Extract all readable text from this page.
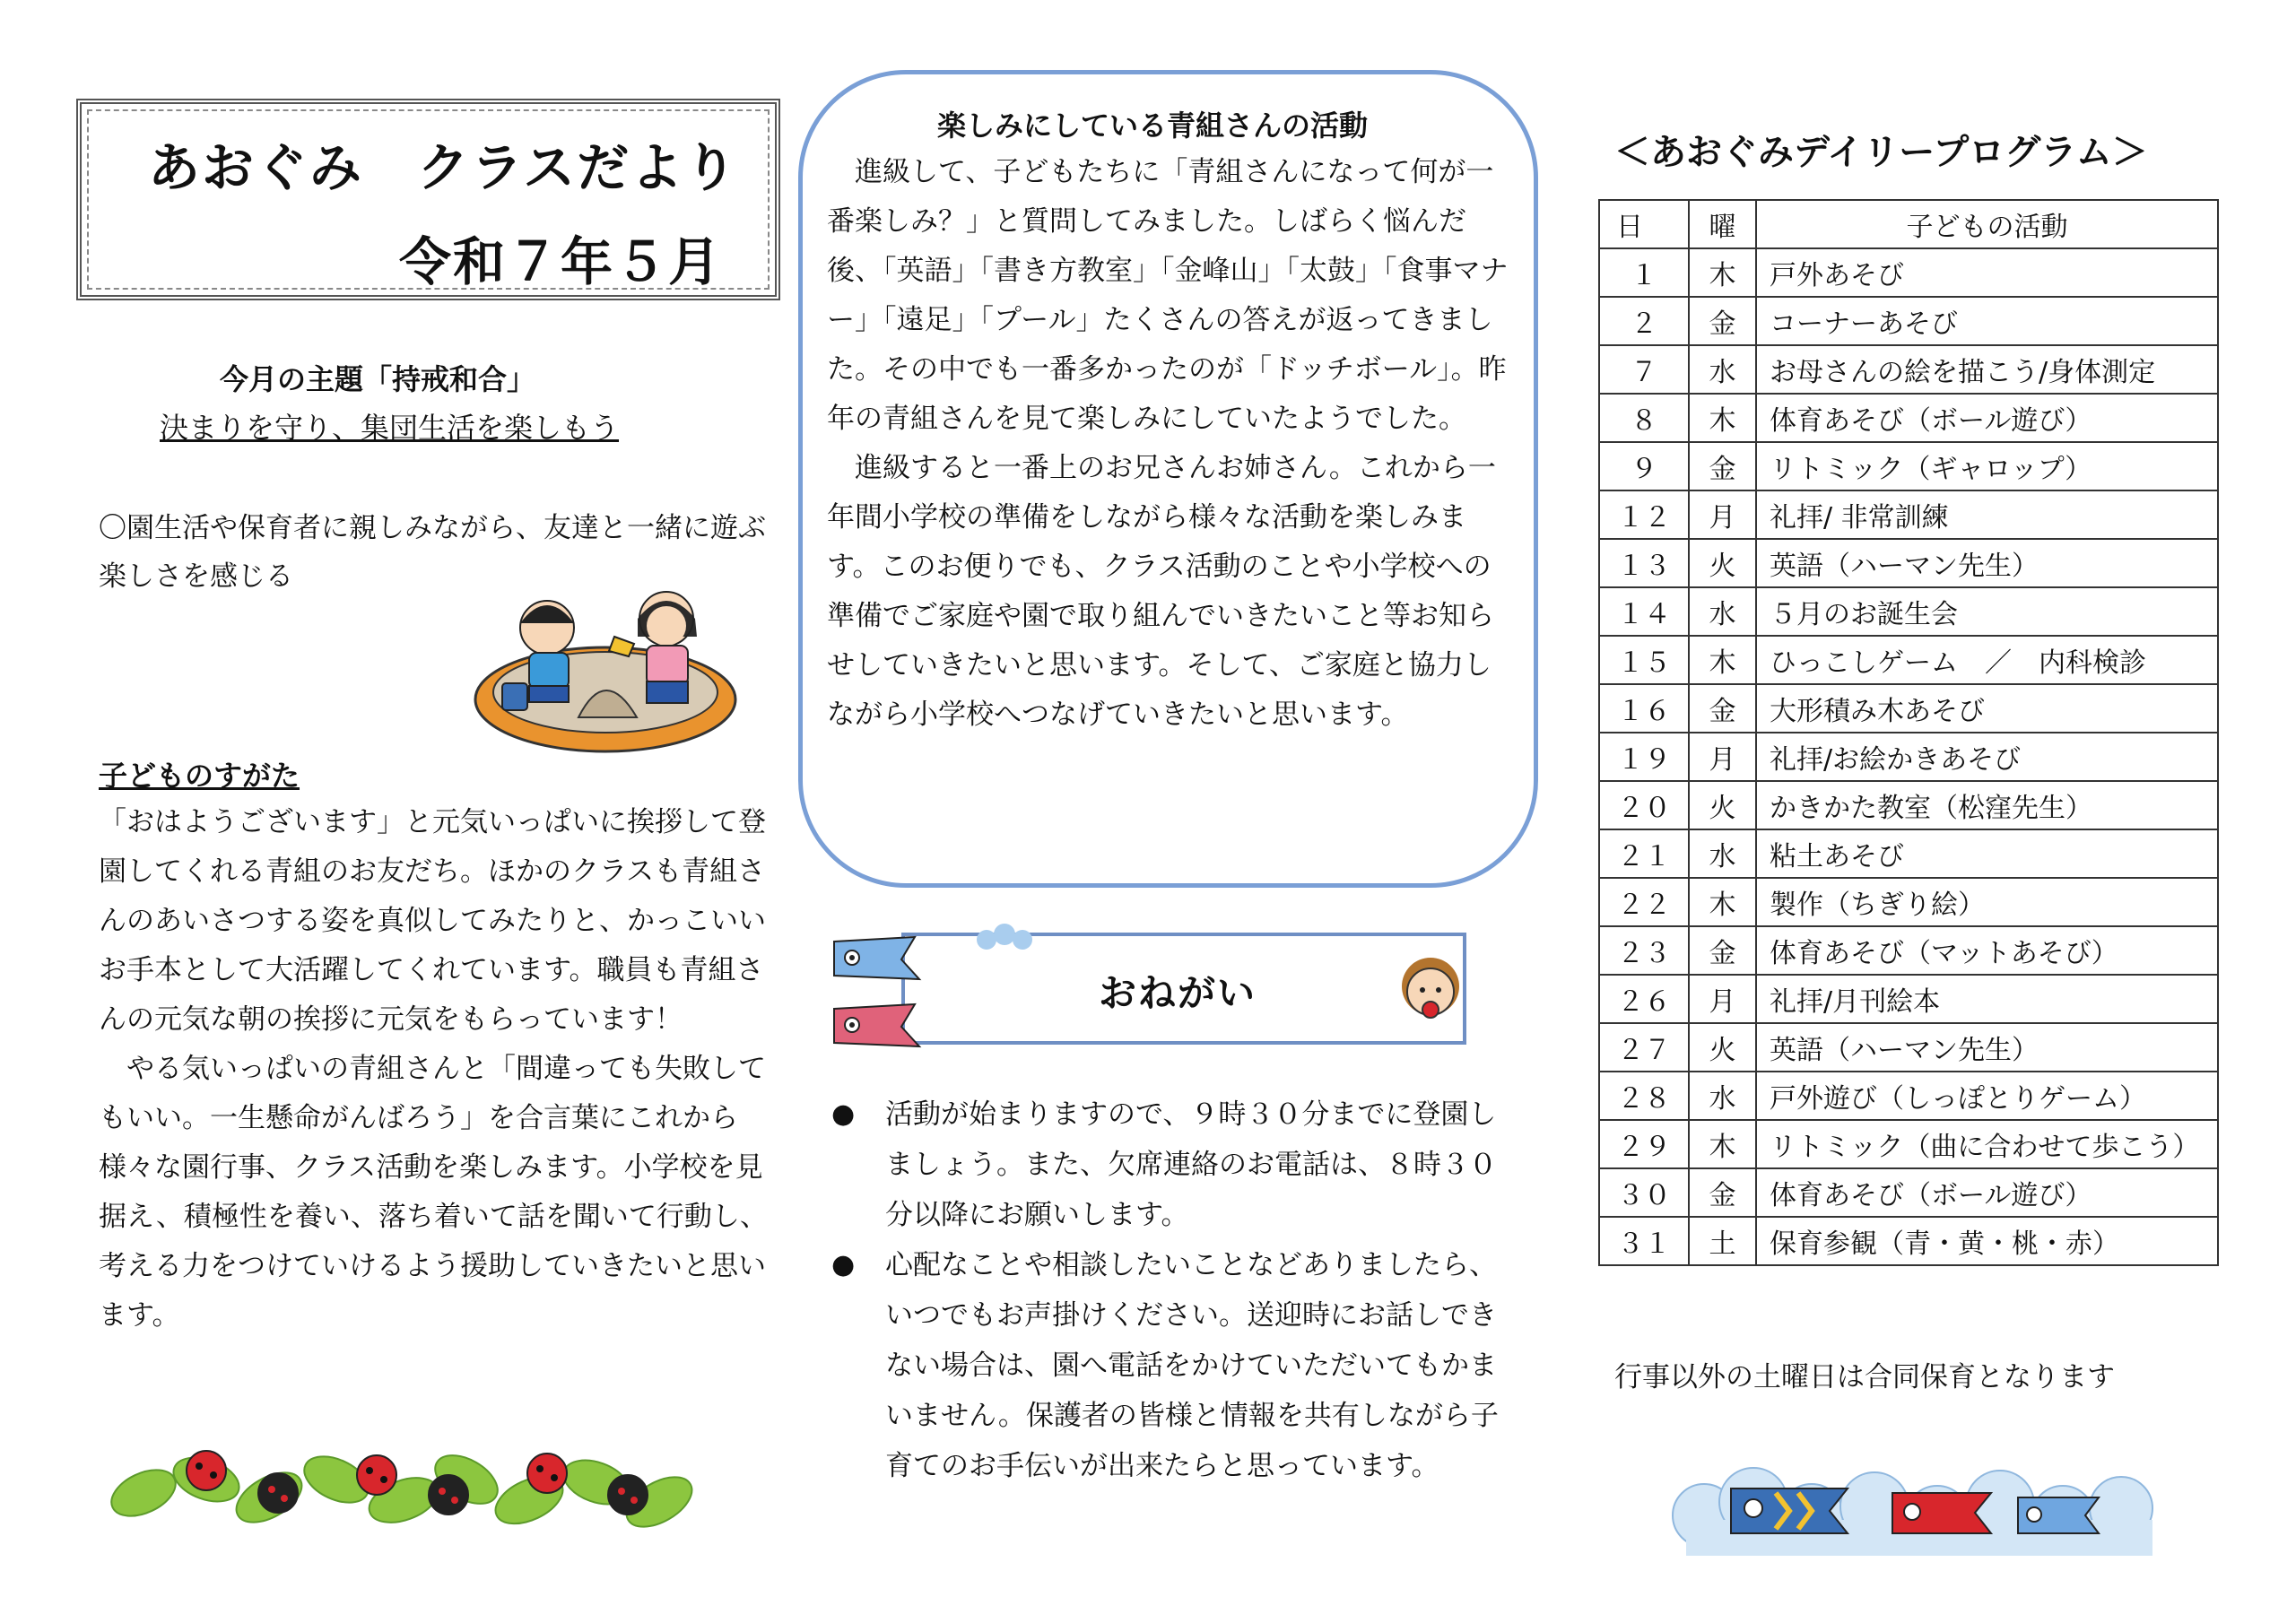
あおぐみ　クラスだより
令和７年５月
今月の主題「持戒和合」
決まりを守り、集団生活を楽しもう
〇園生活や保育者に親しみながら、友達と一緒に遊ぶ楽しさを感じる
子どものすがた

「おはようございます」と元気いっぱいに挨拶して登園してくれる青組のお友だち。ほかのクラスも青組さんのあいさつする姿を真似してみたりと、かっこいいお手本として大活躍してくれています。職員も青組さんの元気な朝の挨拶に元気をもらっています！

　やる気いっぱいの青組さんと「間違っても失敗してもいい。一生懸命がんばろう」を合言葉にこれから様々な園行事、クラス活動を楽しみます。小学校を見据え、積極性を養い、落ち着いて話を聞いて行動し、考える力をつけていけるよう援助していきたいと思います。

楽しみにしている青組さんの活動

　進級して、子どもたちに「青組さんになって何が一番楽しみ？」と質問してみました。しばらく悩んだ後、「英語」「書き方教室」「金峰山」「太鼓」「食事マナー」「遠足」「プール」たくさんの答えが返ってきました。その中でも一番多かったのが「ドッチボール」。昨年の青組さんを見て楽しみにしていたようでした。

　進級すると一番上のお兄さんお姉さん。これから一年間小学校の準備をしながら様々な活動を楽しみます。このお便りでも、クラス活動のことや小学校への準備でご家庭や園で取り組んでいきたいこと等お知らせしていきたいと思います。そして、ご家庭と協力しながら小学校へつなげていきたいと思います。

おねがい

● 活動が始まりますので、９時３０分までに登園しましょう。また、欠席連絡のお電話は、８時３０分以降にお願いします。

● 心配なことや相談したいことなどありましたら、いつでもお声掛けください。送迎時にお話しできない場合は、園へ電話をかけていただいてもかまいません。保護者の皆様と情報を共有しながら子育てのお手伝いが出来たらと思っています。

＜あおぐみデイリープログラム＞
日	曜	子どもの活動
１	木	戸外あそび
２	金	コーナーあそび
７	水	お母さんの絵を描こう/身体測定
８	木	体育あそび（ボール遊び）
９	金	リトミック（ギャロップ）
１２	月	礼拝/ 非常訓練
１３	火	英語（ハーマン先生）
１４	水	５月のお誕生会
１５	木	ひっこしゲーム　／　内科検診
１６	金	大形積み木あそび
１９	月	礼拝/お絵かきあそび
２０	火	かきかた教室（松窪先生）
２１	水	粘土あそび
２２	木	製作（ちぎり絵）
２３	金	体育あそび（マットあそび）
２６	月	礼拝/月刊絵本
２７	火	英語（ハーマン先生）
２８	水	戸外遊び（しっぽとりゲーム）
２９	木	リトミック（曲に合わせて歩こう）
３０	金	体育あそび（ボール遊び）
３１	土	保育参観（青・黄・桃・赤）
行事以外の土曜日は合同保育となります
